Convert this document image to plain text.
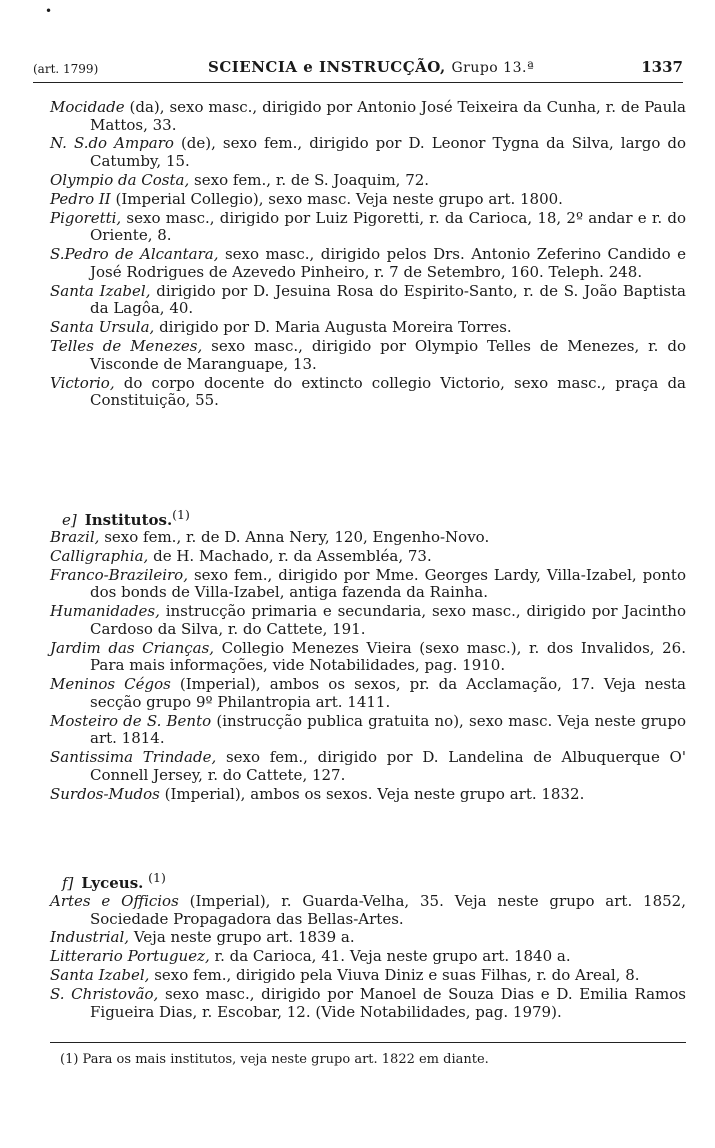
•
(art. 1799)	SCIENCIA e INSTRUCÇÃO, Grupo 13.ª	1337
Mocidade (da), sexo masc., dirigido por Antonio José Teixeira da Cunha, r. de Paula Mattos, 33.
N. S.do Amparo (de), sexo fem., dirigido por D. Leonor Tygna da Silva, largo do Catumby, 15.
Olympio da Costa, sexo fem., r. de S. Joaquim, 72.
Pedro II (Imperial Collegio), sexo masc. Veja neste grupo art. 1800.
Pigoretti, sexo masc., dirigido por Luiz Pigoretti, r. da Carioca, 18, 2º andar e r. do Oriente, 8.
S.Pedro de Alcantara, sexo masc., dirigido pelos Drs. Antonio Zeferino Candido e José Rodrigues de Azevedo Pinheiro, r. 7 de Setembro, 160. Teleph. 248.
Santa Izabel, dirigido por D. Jesuina Rosa do Espirito-Santo, r. de S. João Baptista da Lagôa, 40.
Santa Ursula, dirigido por D. Maria Augusta Moreira Torres.
Telles de Menezes, sexo masc., dirigido por Olympio Telles de Menezes, r. do Visconde de Maranguape, 13.
Victorio, do corpo docente do extincto collegio Victorio, sexo masc., praça da Constituição, 55.
e] Institutos.$^{(1)}$
Brazil, sexo fem., r. de D. Anna Nery, 120, Engenho-Novo.
Calligraphia, de H. Machado, r. da Assembléa, 73.
Franco-Brazileiro, sexo fem., dirigido por Mme. Georges Lardy, Villa-Izabel, ponto dos bonds de Villa-Izabel, antiga fazenda da Rainha.
Humanidades, instrucção primaria e secundaria, sexo masc., dirigido por Jacintho Cardoso da Silva, r. do Cattete, 191.
Jardim das Crianças, Collegio Menezes Vieira (sexo masc.), r. dos Invalidos, 26. Para mais informações, vide Notabilidades, pag. 1910.
Meninos Cégos (Imperial), ambos os sexos, pr. da Acclamação, 17. Veja nesta secção grupo 9º Philantropia art. 1411.
Mosteiro de S. Bento (instrucção publica gratuita no), sexo masc. Veja neste grupo art. 1814.
Santissima Trindade, sexo fem., dirigido por D. Landelina de Albuquerque O' Connell Jersey, r. do Cattete, 127.
Surdos-Mudos (Imperial), ambos os sexos. Veja neste grupo art. 1832.
f] Lyceus. $^{(1)}$
Artes e Officios (Imperial), r. Guarda-Velha, 35. Veja neste grupo art. 1852, Sociedade Propagadora das Bellas-Artes.
Industrial, Veja neste grupo art. 1839 a.
Litterario Portuguez, r. da Carioca, 41. Veja neste grupo art. 1840 a.
Santa Izabel, sexo fem., dirigido pela Viuva Diniz e suas Filhas, r. do Areal, 8.
S. Christovão, sexo masc., dirigido por Manoel de Souza Dias e D. Emilia Ramos Figueira Dias, r. Escobar, 12. (Vide Notabilidades, pag. 1979).
(1) Para os mais institutos, veja neste grupo art. 1822 em diante.
